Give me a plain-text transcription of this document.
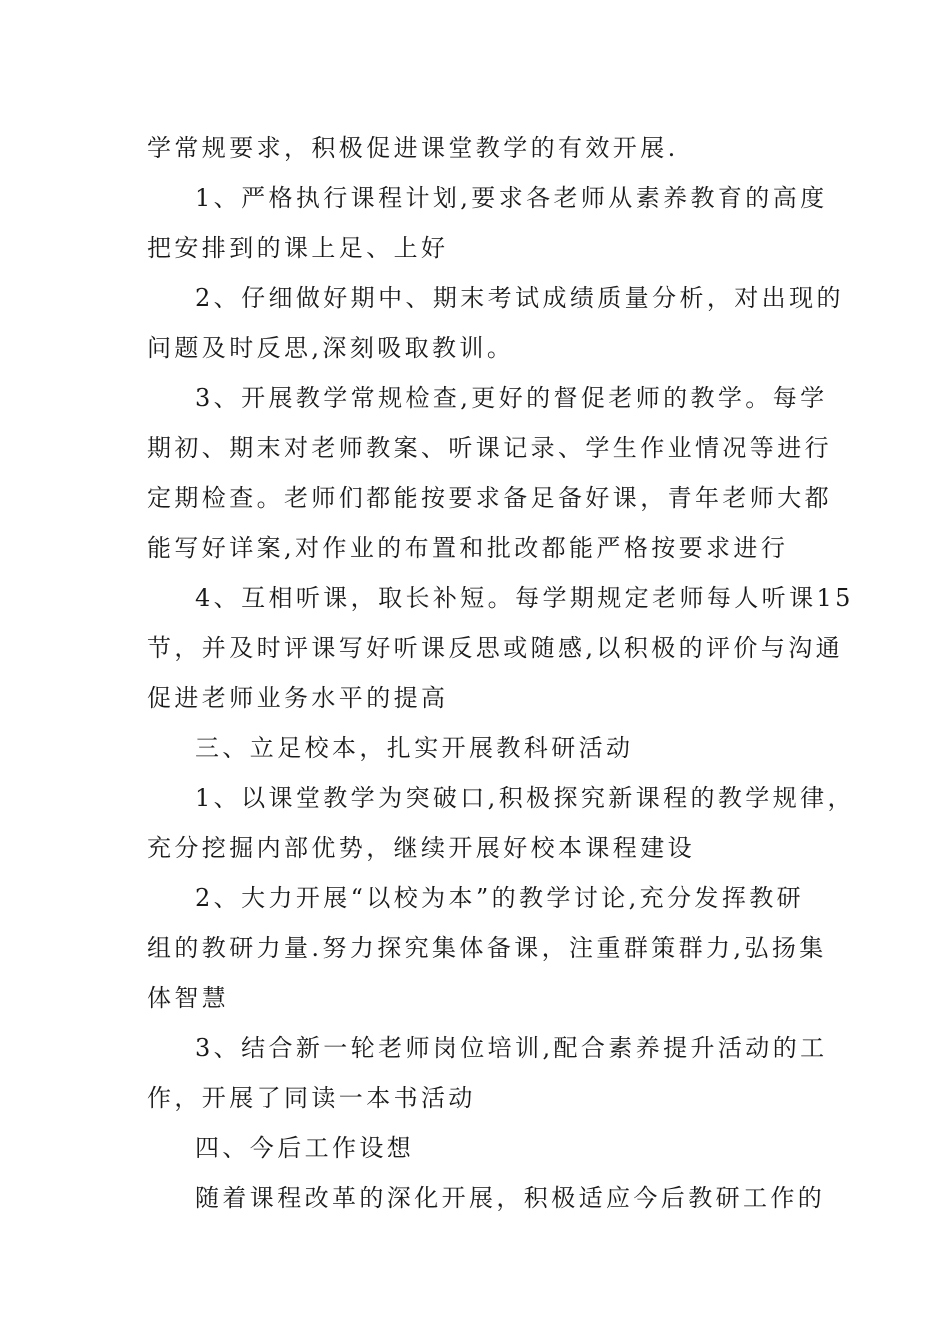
学常规要求，积极促进课堂教学的有效开展.
1、严格执行课程计划,要求各老师从素养教育的高度
把安排到的课上足、上好
2、仔细做好期中、期末考试成绩质量分析，对出现的
问题及时反思,深刻吸取教训。
3、开展教学常规检查,更好的督促老师的教学。每学
期初、期末对老师教案、听课记录、学生作业情况等进行
定期检查。老师们都能按要求备足备好课，青年老师大都
能写好详案,对作业的布置和批改都能严格按要求进行
4、互相听课，取长补短。每学期规定老师每人听课15
节，并及时评课写好听课反思或随感,以积极的评价与沟通
促进老师业务水平的提高
三、立足校本，扎实开展教科研活动
1、以课堂教学为突破口,积极探究新课程的教学规律，
充分挖掘内部优势，继续开展好校本课程建设
2、大力开展“以校为本”的教学讨论,充分发挥教研
组的教研力量.努力探究集体备课，注重群策群力,弘扬集
体智慧
3、结合新一轮老师岗位培训,配合素养提升活动的工
作，开展了同读一本书活动
四、今后工作设想
随着课程改革的深化开展，积极适应今后教研工作的
